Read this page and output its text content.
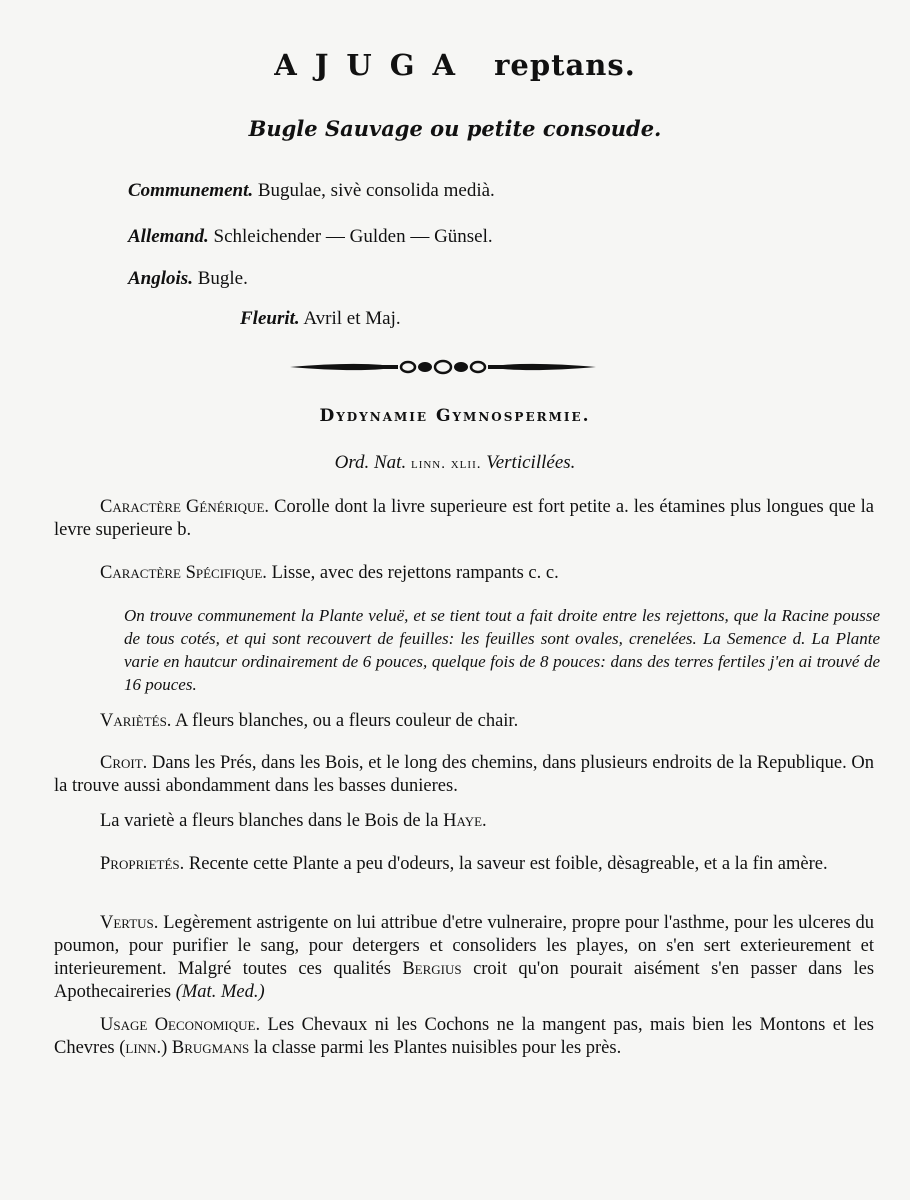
AJUGA reptans.
Bugle Sauvage ou petite consoude.
Communement. Bugulae, sivè consolida medià.
Allemand. Schleichender — Gulden — Günsel.
Anglois. Bugle.
Fleurit. Avril et Maj.
Dydynamie Gymnospermie.
Ord. Nat. linn. xlii. Verticillées.
Caractère Générique. Corolle dont la livre superieure est fort petite a. les étamines plus longues que la levre superieure b.
Caractère Spécifique. Lisse, avec des rejettons rampants c. c.
On trouve communement la Plante veluë, et se tient tout a fait droite entre les rejettons, que la Racine pousse de tous cotés, et qui sont recouvert de feuilles: les feuilles sont ovales, crenelées. La Semence d. La Plante varie en hautcur ordinairement de 6 pouces, quelque fois de 8 pouces: dans des terres fertiles j'en ai trouvé de 16 pouces.
Variètés. A fleurs blanches, ou a fleurs couleur de chair.
Croit. Dans les Prés, dans les Bois, et le long des chemins, dans plusieurs endroits de la Republique. On la trouve aussi abondamment dans les basses dunieres.
La varietè a fleurs blanches dans le Bois de la Haye.
Proprietés. Recente cette Plante a peu d'odeurs, la saveur est foible, dèsagreable, et a la fin amère.
Vertus. Legèrement astrigente on lui attribue d'etre vulneraire, propre pour l'asthme, pour les ulceres du poumon, pour purifier le sang, pour detergers et consoliders les playes, on s'en sert exterieurement et interieurement. Malgré toutes ces qualités Bergius croit qu'on pourait aisément s'en passer dans les Apothecaireries (Mat. Med.)
Usage Oeconomique. Les Chevaux ni les Cochons ne la mangent pas, mais bien les Montons et les Chevres (linn.) Brugmans la classe parmi les Plantes nuisibles pour les près.
